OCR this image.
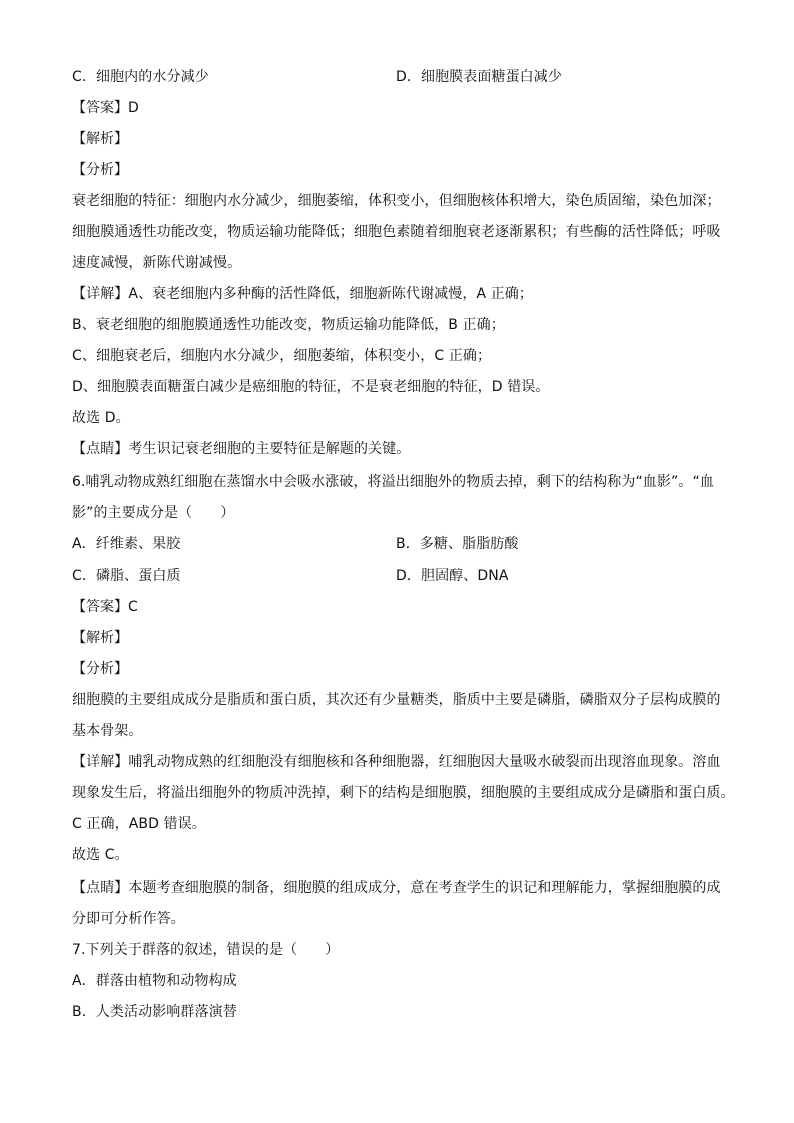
C．细胞内的水分减少	D．细胞膜表面糖蛋白减少
【答案】D
【解析】
【分析】
衰老细胞的特征：细胞内水分减少，细胞萎缩，体积变小，但细胞核体积增大，染色质固缩，染色加深；
细胞膜通透性功能改变，物质运输功能降低；细胞色素随着细胞衰老逐渐累积；有些酶的活性降低；呼吸
速度减慢，新陈代谢减慢。
【详解】A、衰老细胞内多种酶的活性降低，细胞新陈代谢减慢，A 正确；
B、衰老细胞的细胞膜通透性功能改变，物质运输功能降低，B 正确；
C、细胞衰老后，细胞内水分减少，细胞萎缩，体积变小，C 正确；
D、细胞膜表面糖蛋白减少是癌细胞的特征，不是衰老细胞的特征，D 错误。
故选 D。
【点睛】考生识记衰老细胞的主要特征是解题的关键。
6.哺乳动物成熟红细胞在蒸馏水中会吸水涨破，将溢出细胞外的物质去掉，剩下的结构称为“血影”。“血
影”的主要成分是（　　）
A．纤维素、果胶	B．多糖、脂脂肪酸
C．磷脂、蛋白质	D．胆固醇、DNA
【答案】C
【解析】
【分析】
细胞膜的主要组成成分是脂质和蛋白质，其次还有少量糖类，脂质中主要是磷脂，磷脂双分子层构成膜的
基本骨架。
【详解】哺乳动物成熟的红细胞没有细胞核和各种细胞器，红细胞因大量吸水破裂而出现溶血现象。溶血
现象发生后，将溢出细胞外的物质冲洗掉，剩下的结构是细胞膜，细胞膜的主要组成成分是磷脂和蛋白质。
C 正确，ABD 错误。
故选 C。
【点睛】本题考查细胞膜的制备，细胞膜的组成成分，意在考查学生的识记和理解能力，掌握细胞膜的成
分即可分析作答。
7.下列关于群落的叙述，错误的是（　　）
A．群落由植物和动物构成
B．人类活动影响群落演替
